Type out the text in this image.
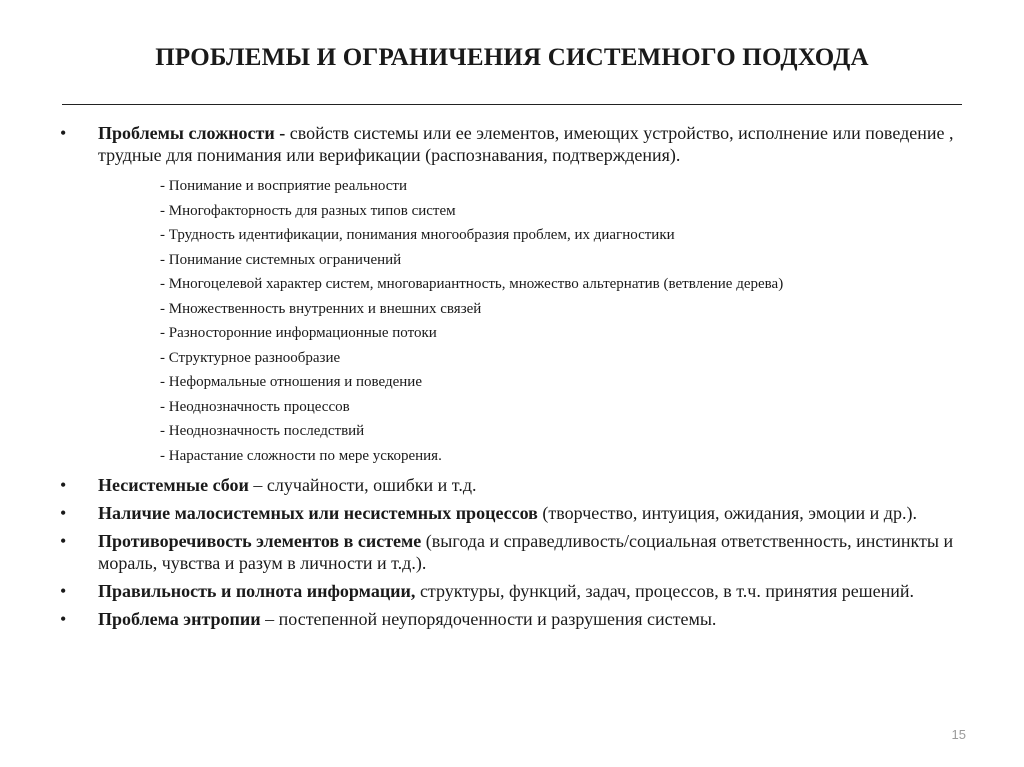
ПРОБЛЕМЫ И ОГРАНИЧЕНИЯ СИСТЕМНОГО ПОДХОДА
• Проблемы сложности - свойств системы или ее элементов, имеющих устройство, исполнение или поведение , трудные для понимания или верификации (распознавания, подтверждения).
- Понимание и восприятие реальности
- Многофакторность для разных типов систем
- Трудность идентификации, понимания многообразия проблем, их диагностики
- Понимание системных ограничений
- Многоцелевой характер систем, многовариантность, множество альтернатив (ветвление дерева)
- Множественность внутренних и внешних связей
- Разносторонние информационные потоки
- Структурное разнообразие
- Неформальные отношения и поведение
- Неоднозначность процессов
- Неоднозначность последствий
- Нарастание сложности по мере ускорения.
• Несистемные сбои – случайности, ошибки и т.д.
• Наличие малосистемных или несистемных процессов (творчество, интуиция, ожидания, эмоции и др.).
• Противоречивость элементов в системе (выгода и справедливость/социальная ответственность, инстинкты и мораль, чувства и разум в личности и т.д.).
• Правильность и полнота информации, структуры, функций, задач, процессов, в т.ч. принятия решений.
• Проблема энтропии – постепенной неупорядоченности и разрушения системы.
15
